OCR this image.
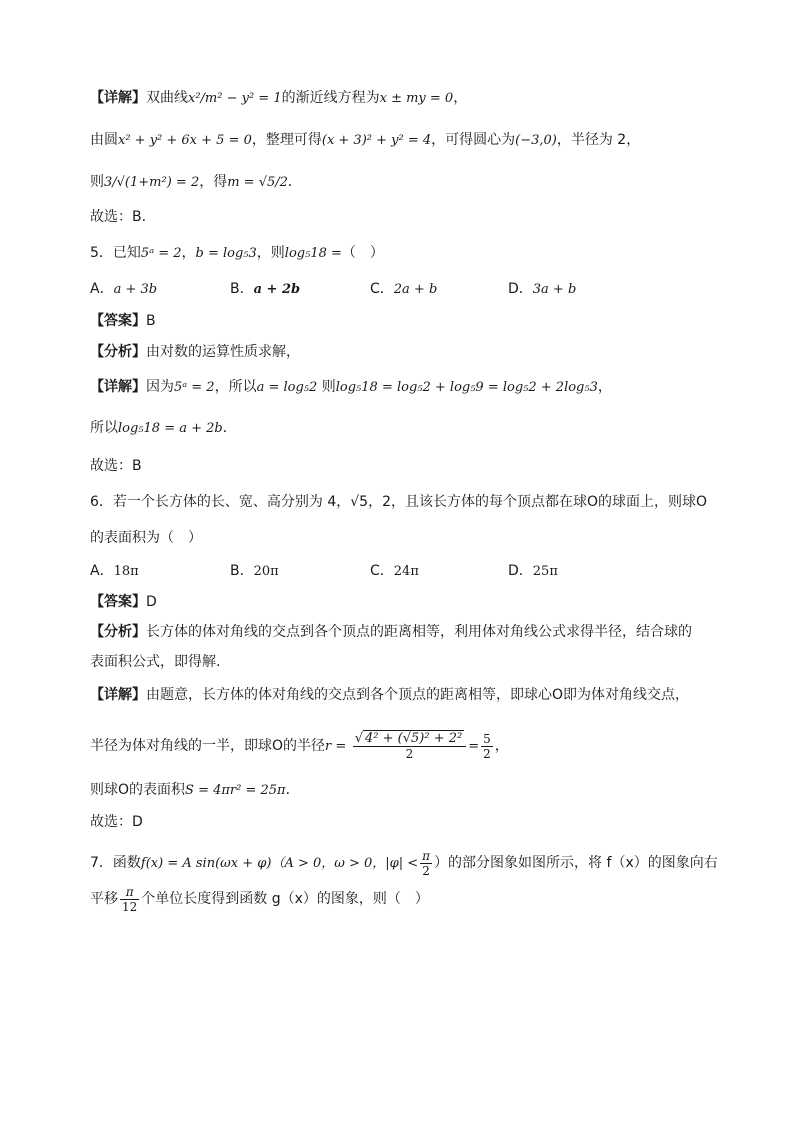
【详解】双曲线x²/m² − y² = 1的渐近线方程为x ± my = 0，
由圆x² + y² + 6x + 5 = 0，整理可得(x + 3)² + y² = 4，可得圆心为(−3,0)，半径为 2，
则3/√(1+m²) = 2，得m = √5/2．
故选：B.
5．已知5ᵃ = 2，b = log₅3，则log₅18 =（　）
A．a + 3b	B．a + 2b	C．2a + b	D．3a + b
【答案】B
【分析】由对数的运算性质求解，
【详解】因为5ᵃ = 2，所以a = log₅2 则log₅18 = log₅2 + log₅9 = log₅2 + 2log₅3，
所以log₅18 = a + 2b．
故选：B
6．若一个长方体的长、宽、高分别为 4，√5，2，且该长方体的每个顶点都在球O的球面上，则球O
的表面积为（　）
A．18π	B．20π	C．24π	D．25π
【答案】D
【分析】长方体的体对角线的交点到各个顶点的距离相等，利用体对角线公式求得半径，结合球的
表面积公式，即得解.
【详解】由题意，长方体的体对角线的交点到各个顶点的距离相等，即球心O即为体对角线交点，
半径为体对角线的一半，即球O的半径$r = \frac{\text{√ 4² + (√5)² + 2²}}{2} = \frac{5}{2}$ ，
则球O的表面积S = 4πr² = 25π．
故选：D
7．函数f(x) = A sin(ωx + φ)（A > 0，ω > 0，$|\varphi| < \frac{\pi}{2}$ ）的部分图象如图所示，将 f（x）的图象向右
平移 $\frac{\pi}{12}$ 个单位长度得到函数 g（x）的图象，则（　）
